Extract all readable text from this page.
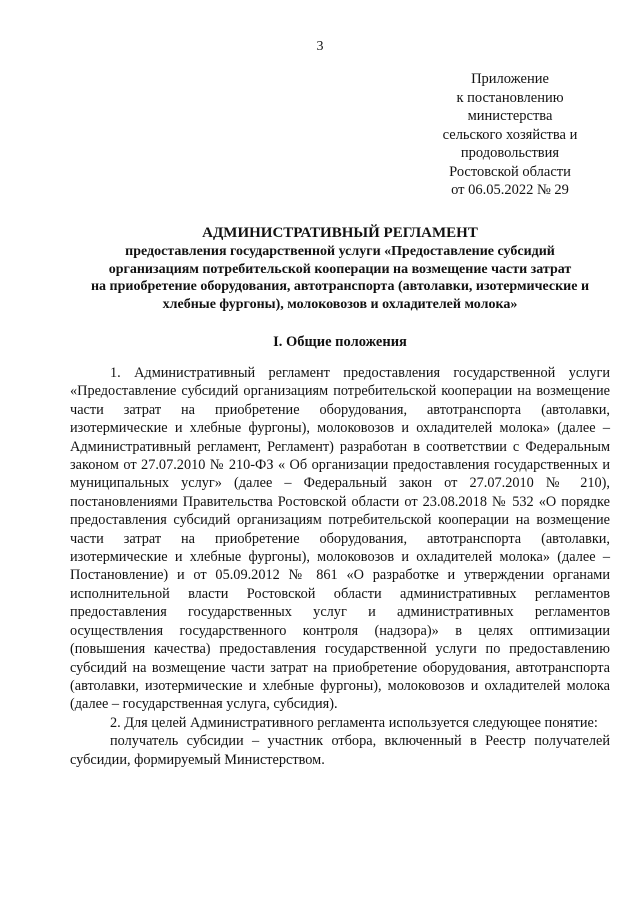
3
Приложение
к постановлению
министерства
сельского хозяйства и
продовольствия
Ростовской области
от 06.05.2022 № 29
АДМИНИСТРАТИВНЫЙ РЕГЛАМЕНТ
предоставления государственной услуги «Предоставление субсидий
организациям потребительской кооперации на возмещение части затрат
на приобретение оборудования, автотранспорта (автолавки, изотермические и
хлебные фургоны), молоковозов и охладителей молока»
I. Общие положения

1. Административный регламент предоставления государственной услуги «Предоставление субсидий организациям потребительской кооперации на возмещение части затрат на приобретение оборудования, автотранспорта (автолавки, изотермические и хлебные фургоны), молоковозов и охладителей молока» (далее – Административный регламент, Регламент) разработан в соответствии с Федеральным законом от 27.07.2010 № 210-ФЗ « Об организации предоставления государственных и муниципальных услуг» (далее – Федеральный закон от 27.07.2010 № 210), постановлениями Правительства Ростовской области от 23.08.2018 № 532 «О порядке предоставления субсидий организациям потребительской кооперации на возмещение части затрат на приобретение оборудования, автотранспорта (автолавки, изотермические и хлебные фургоны), молоковозов и охладителей молока» (далее – Постановление) и от 05.09.2012 № 861 «О разработке и утверждении органами исполнительной власти Ростовской области административных регламентов предоставления государственных услуг и административных регламентов осуществления государственного контроля (надзора)» в целях оптимизации (повышения качества) предоставления государственной услуги по предоставлению субсидий на возмещение части затрат на приобретение оборудования, автотранспорта (автолавки, изотермические и хлебные фургоны), молоковозов и охладителей молока (далее – государственная услуга, субсидия).

2. Для целей Административного регламента используется следующее понятие:

получатель субсидии – участник отбора, включенный в Реестр получателей субсидии, формируемый Министерством.
